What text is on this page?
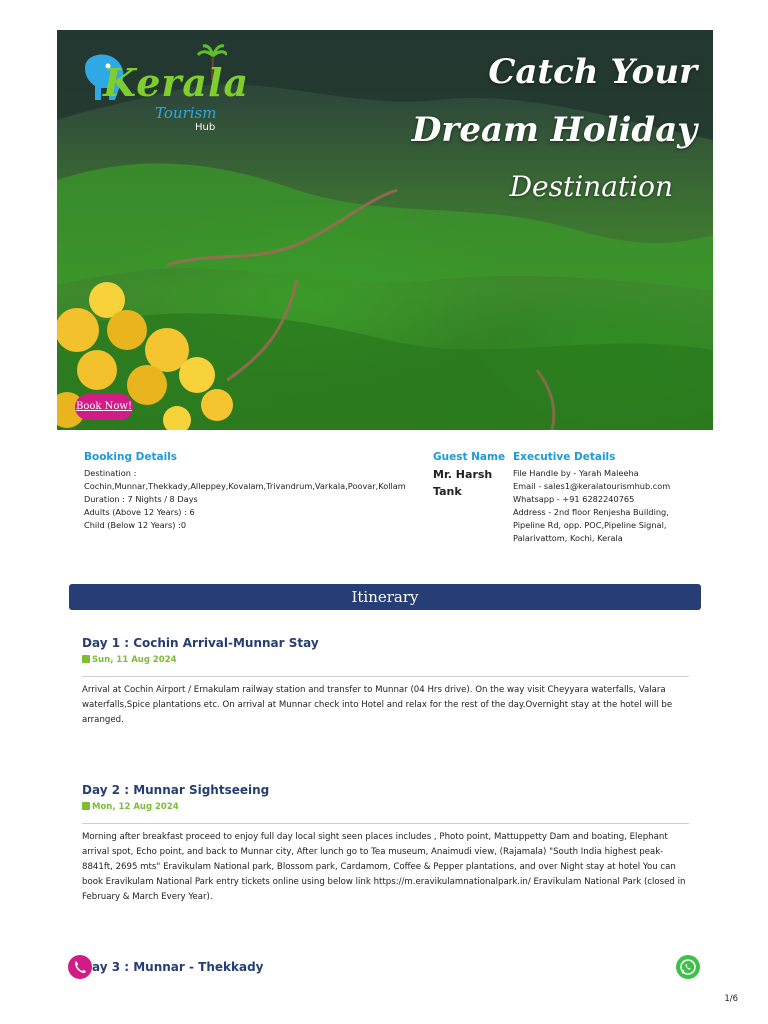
Kerala
Tourism
Hub
Catch Your
Dream Holiday
Destination
Book Now!
Booking Details
Destination :
Cochin,Munnar,Thekkady,Alleppey,Kovalam,Trivandrum,Varkala,Poovar,Kollam
Duration : 7 Nights / 8 Days
Adults (Above 12 Years) : 6
Child (Below 12 Years) :0
Guest Name
Mr. Harsh
Tank
Executive Details
File Handle by - Yarah Maleeha
Email - sales1@keralatourismhub.com
Whatsapp - +91 6282240765
Address - 2nd floor Renjesha Building,
Pipeline Rd, opp. POC,Pipeline Signal,
Palarivattom, Kochi, Kerala
Itinerary
Day 1 : Cochin Arrival-Munnar Stay
Sun, 11 Aug 2024
Arrival at Cochin Airport / Ernakulam railway station and transfer to Munnar (04 Hrs drive). On the way visit Cheyyara waterfalls, Valara waterfalls,Spice plantations etc. On arrival at Munnar check into Hotel and relax for the rest of the day.Overnight stay at the hotel will be arranged.
Day 2 : Munnar Sightseeing
Mon, 12 Aug 2024
Morning after breakfast proceed to enjoy full day local sight seen places includes , Photo point, Mattuppetty Dam and boating, Elephant arrival spot, Echo point, and back to Munnar city, After lunch go to Tea museum, Anaimudi view, (Rajamala) "South India highest peak- 8841ft, 2695 mts" Eravikulam National park, Blossom park, Cardamom, Coffee & Pepper plantations, and over Night stay at hotel You can book Eravikulam National Park entry tickets online using below link https://m.eravikulamnationalpark.in/ Eravikulam National Park (closed in February & March Every Year).
ay 3 : Munnar - Thekkady
1/6
